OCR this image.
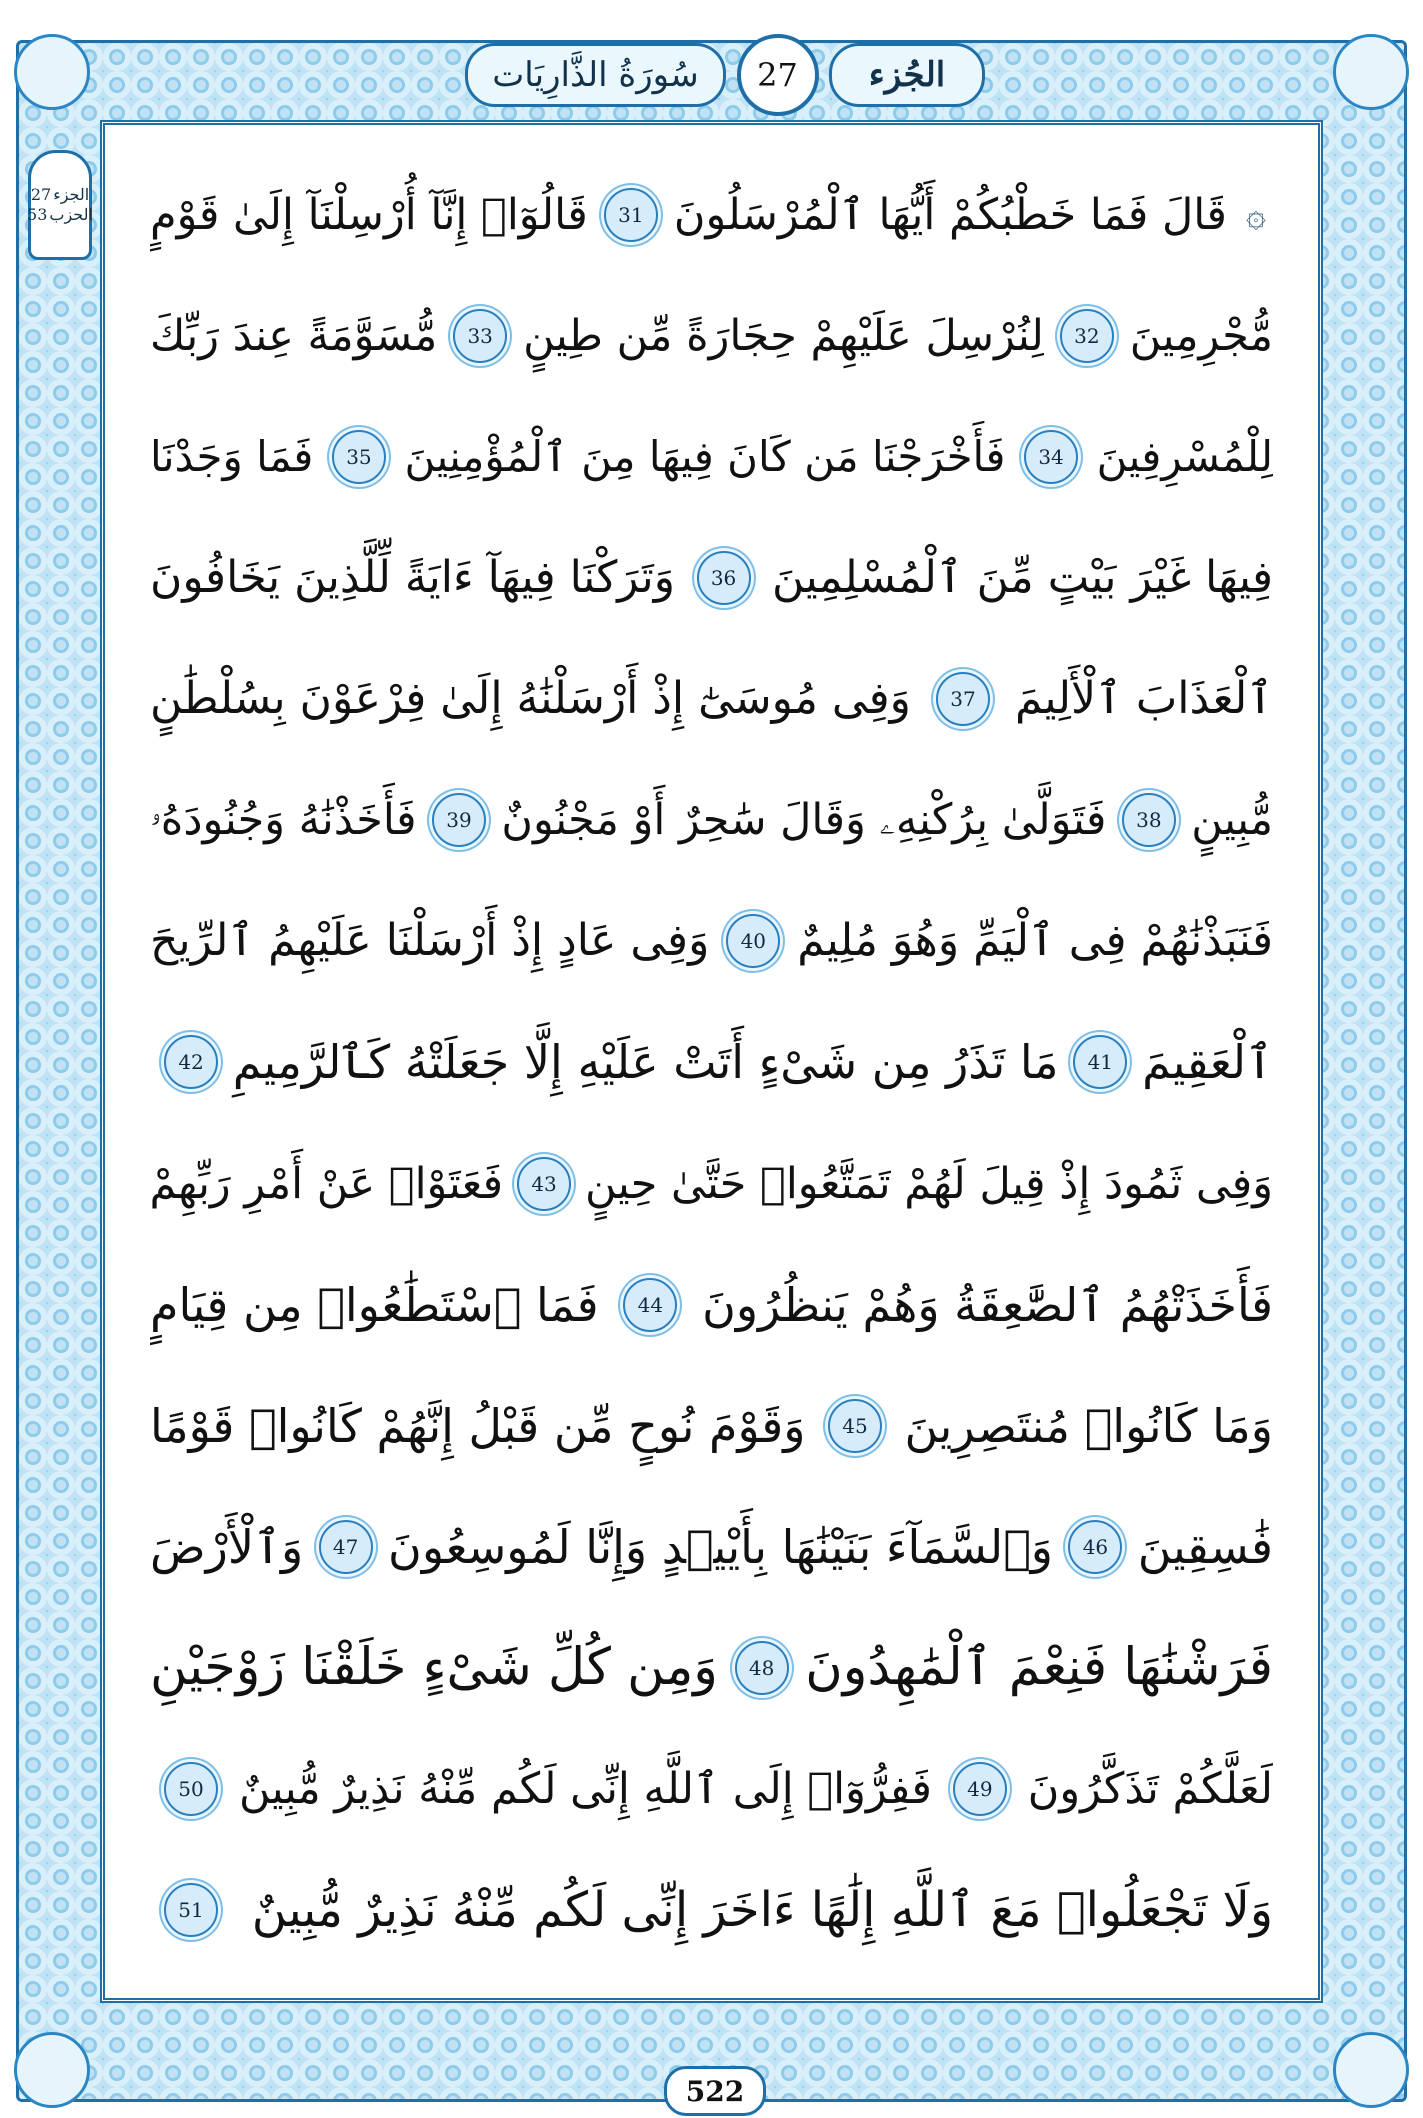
سُورَةُ الذَّارِيَات	27	الجُزء
الجزء
27
الحزب
53	۞
قَالَ فَمَا خَطْبُكُمْ أَيُّهَا ٱلْمُرْسَلُونَ
31
قَالُوٓا۟ إِنَّآ أُرْسِلْنَآ إِلَىٰ قَوْمٍ
مُّجْرِمِينَ
32
لِنُرْسِلَ عَلَيْهِمْ حِجَارَةً مِّن طِينٍ
33
مُّسَوَّمَةً عِندَ رَبِّكَ
لِلْمُسْرِفِينَ
34
فَأَخْرَجْنَا مَن كَانَ فِيهَا مِنَ ٱلْمُؤْمِنِينَ
35
فَمَا وَجَدْنَا
فِيهَا غَيْرَ بَيْتٍ مِّنَ ٱلْمُسْلِمِينَ
36
وَتَرَكْنَا فِيهَآ ءَايَةً لِّلَّذِينَ يَخَافُونَ
ٱلْعَذَابَ ٱلْأَلِيمَ
37
وَفِى مُوسَىٰٓ إِذْ أَرْسَلْنَٰهُ إِلَىٰ فِرْعَوْنَ بِسُلْطَٰنٍ
مُّبِينٍ
38
فَتَوَلَّىٰ بِرُكْنِهِۦ وَقَالَ سَٰحِرٌ أَوْ مَجْنُونٌ
39
فَأَخَذْنَٰهُ وَجُنُودَهُۥ
فَنَبَذْنَٰهُمْ فِى ٱلْيَمِّ وَهُوَ مُلِيمٌ
40
وَفِى عَادٍ إِذْ أَرْسَلْنَا عَلَيْهِمُ ٱلرِّيحَ
ٱلْعَقِيمَ
41
مَا تَذَرُ مِن شَىْءٍ أَتَتْ عَلَيْهِ إِلَّا جَعَلَتْهُ كَٱلرَّمِيمِ
42
وَفِى ثَمُودَ إِذْ قِيلَ لَهُمْ تَمَتَّعُوا۟ حَتَّىٰ حِينٍ
43
فَعَتَوْا۟ عَنْ أَمْرِ رَبِّهِمْ
فَأَخَذَتْهُمُ ٱلصَّٰعِقَةُ وَهُمْ يَنظُرُونَ
44
فَمَا ٱسْتَطَٰعُوا۟ مِن قِيَامٍ
وَمَا كَانُوا۟ مُنتَصِرِينَ
45
وَقَوْمَ نُوحٍ مِّن قَبْلُ إِنَّهُمْ كَانُوا۟ قَوْمًا
فَٰسِقِينَ
46
وَٱلسَّمَآءَ بَنَيْنَٰهَا بِأَيْي۟دٍ وَإِنَّا لَمُوسِعُونَ
47
وَٱلْأَرْضَ
فَرَشْنَٰهَا فَنِعْمَ ٱلْمَٰهِدُونَ
48
وَمِن كُلِّ شَىْءٍ خَلَقْنَا زَوْجَيْنِ
لَعَلَّكُمْ تَذَكَّرُونَ
49
فَفِرُّوٓا۟ إِلَى ٱللَّهِ إِنِّى لَكُم مِّنْهُ نَذِيرٌ مُّبِينٌ
50
وَلَا تَجْعَلُوا۟ مَعَ ٱللَّهِ إِلَٰهًا ءَاخَرَ إِنِّى لَكُم مِّنْهُ نَذِيرٌ مُّبِينٌ
51
522
